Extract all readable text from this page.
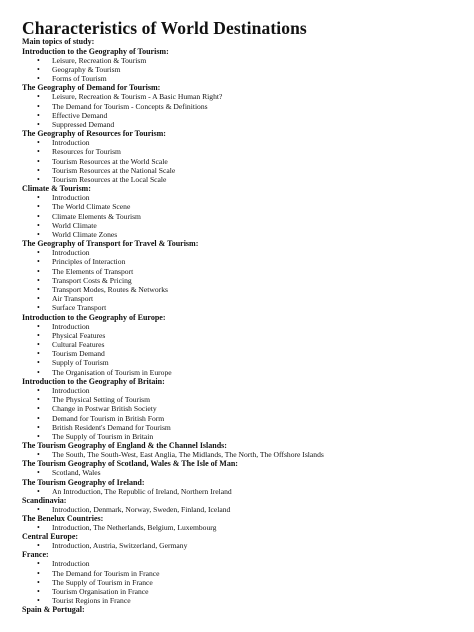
Characteristics of World Destinations
Main topics of study:
Introduction to the Geography of Tourism:
• Leisure, Recreation & Tourism
• Geography & Tourism
• Forms of Tourism
The Geography of Demand for Tourism:
• Leisure, Recreation & Tourism - A Basic Human Right?
• The Demand for Tourism - Concepts & Definitions
• Effective Demand
• Suppressed Demand
The Geography of Resources for Tourism:
• Introduction
• Resources for Tourism
• Tourism Resources at the World Scale
• Tourism Resources at the National Scale
• Tourism Resources at the Local Scale
Climate & Tourism:
• Introduction
• The World Climate Scene
• Climate Elements & Tourism
• World Climate
• World Climate Zones
The Geography of Transport for Travel & Tourism:
• Introduction
• Principles of Interaction
• The Elements of Transport
• Transport Costs & Pricing
• Transport Modes, Routes & Networks
• Air Transport
• Surface Transport
Introduction to the Geography of Europe:
• Introduction
• Physical Features
• Cultural Features
• Tourism Demand
• Supply of Tourism
• The Organisation of Tourism in Europe
Introduction to the Geography of Britain:
• Introduction
• The Physical Setting of Tourism
• Change in Postwar British Society
• Demand for Tourism in British Form
• British Resident's Demand for Tourism
• The Supply of Tourism in Britain
The Tourism Geography of England & the Channel Islands:
• The South, The South-West, East Anglia, The Midlands, The North, The Offshore Islands
The Tourism Geography of Scotland, Wales & The Isle of Man:
• Scotland, Wales
The Tourism Geography of Ireland:
• An Introduction, The Republic of Ireland, Northern Ireland
Scandinavia:
• Introduction, Denmark, Norway, Sweden, Finland, Iceland
The Benelux Countries:
• Introduction, The Netherlands, Belgium, Luxembourg
Central Europe:
• Introduction, Austria, Switzerland, Germany
France:
• Introduction
• The Demand for Tourism in France
• The Supply of Tourism in France
• Tourism Organisation in France
• Tourist Regions in France
Spain & Portugal:
